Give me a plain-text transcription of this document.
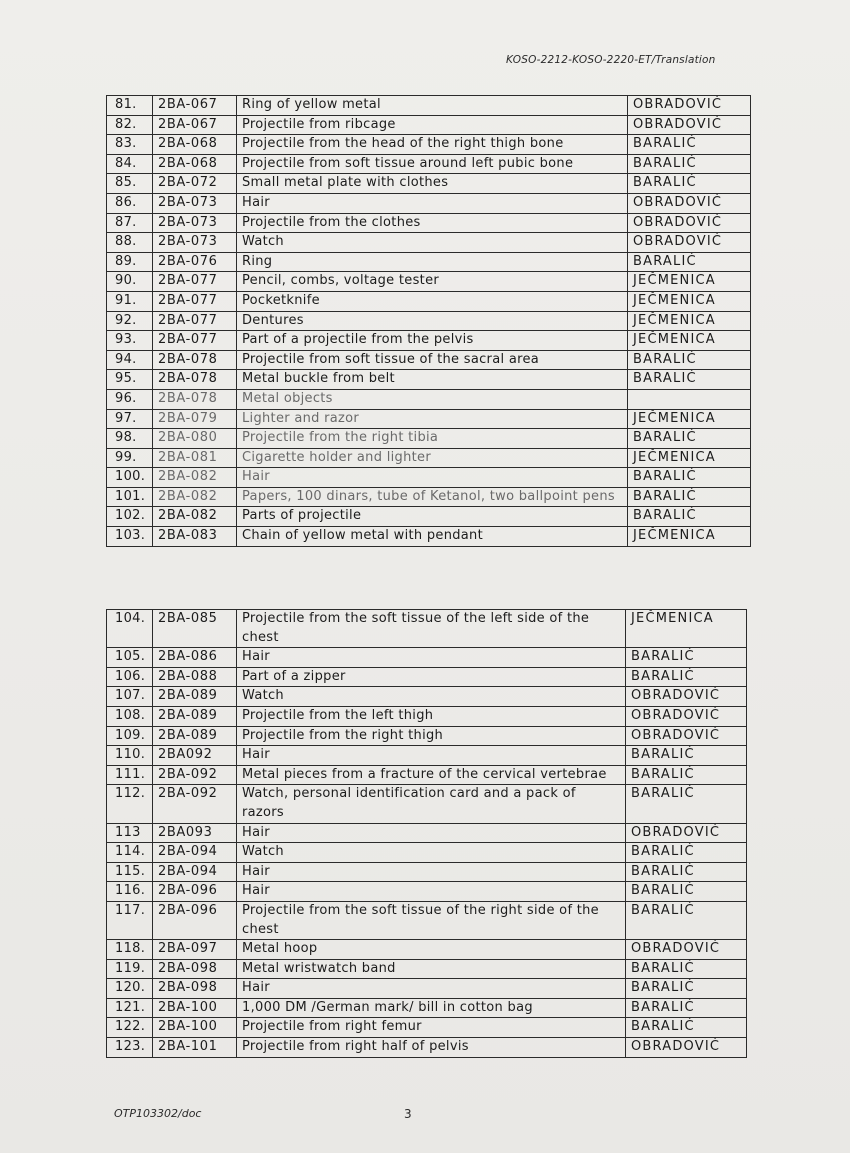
KOSO-2212-KOSO-2220-ET/Translation
81.	2BA-067	Ring of yellow metal	OBRADOVIĆ
82.	2BA-067	Projectile from ribcage	OBRADOVIĆ
83.	2BA-068	Projectile from the head of the right thigh bone	BARALIĆ
84.	2BA-068	Projectile from soft tissue around left pubic bone	BARALIĆ
85.	2BA-072	Small metal plate with clothes	BARALIĆ
86.	2BA-073	Hair	OBRADOVIĆ
87.	2BA-073	Projectile from the clothes	OBRADOVIĆ
88.	2BA-073	Watch	OBRADOVIĆ
89.	2BA-076	Ring	BARALIĆ
90.	2BA-077	Pencil, combs, voltage tester	JEČMENICA
91.	2BA-077	Pocketknife	JEČMENICA
92.	2BA-077	Dentures	JEČMENICA
93.	2BA-077	Part of a projectile from the pelvis	JEČMENICA
94.	2BA-078	Projectile from soft tissue of the sacral area	BARALIĆ
95.	2BA-078	Metal buckle from belt	BARALIĆ
96.	2BA-078	Metal objects	
97.	2BA-079	Lighter and razor	JEČMENICA
98.	2BA-080	Projectile from the right tibia	BARALIĆ
99.	2BA-081	Cigarette holder and lighter	JEČMENICA
100.	2BA-082	Hair	BARALIĆ
101.	2BA-082	Papers, 100 dinars, tube of Ketanol, two ballpoint pens	BARALIĆ
102.	2BA-082	Parts of projectile	BARALIĆ
103.	2BA-083	Chain of yellow metal with pendant	JEČMENICA
104.	2BA-085	Projectile from the soft tissue of the left side of the chest	JEČMENICA
105.	2BA-086	Hair	BARALIĆ
106.	2BA-088	Part of a zipper	BARALIĆ
107.	2BA-089	Watch	OBRADOVIĆ
108.	2BA-089	Projectile from the left thigh	OBRADOVIĆ
109.	2BA-089	Projectile from the right thigh	OBRADOVIĆ
110.	2BA092	Hair	BARALIĆ
111.	2BA-092	Metal pieces from a fracture of the cervical vertebrae	BARALIĆ
112.	2BA-092	Watch, personal identification card and a pack of razors	BARALIĆ
113	2BA093	Hair	OBRADOVIĆ
114.	2BA-094	Watch	BARALIĆ
115.	2BA-094	Hair	BARALIĆ
116.	2BA-096	Hair	BARALIĆ
117.	2BA-096	Projectile from the soft tissue of the right side of the chest	BARALIĆ
118.	2BA-097	Metal hoop	OBRADOVIĆ
119.	2BA-098	Metal wristwatch band	BARALIĆ
120.	2BA-098	Hair	BARALIĆ
121.	2BA-100	1,000 DM /German mark/ bill in cotton bag	BARALIĆ
122.	2BA-100	Projectile from right femur	BARALIĆ
123.	2BA-101	Projectile from right half of pelvis	OBRADOVIĆ
OTP103302/doc	3
